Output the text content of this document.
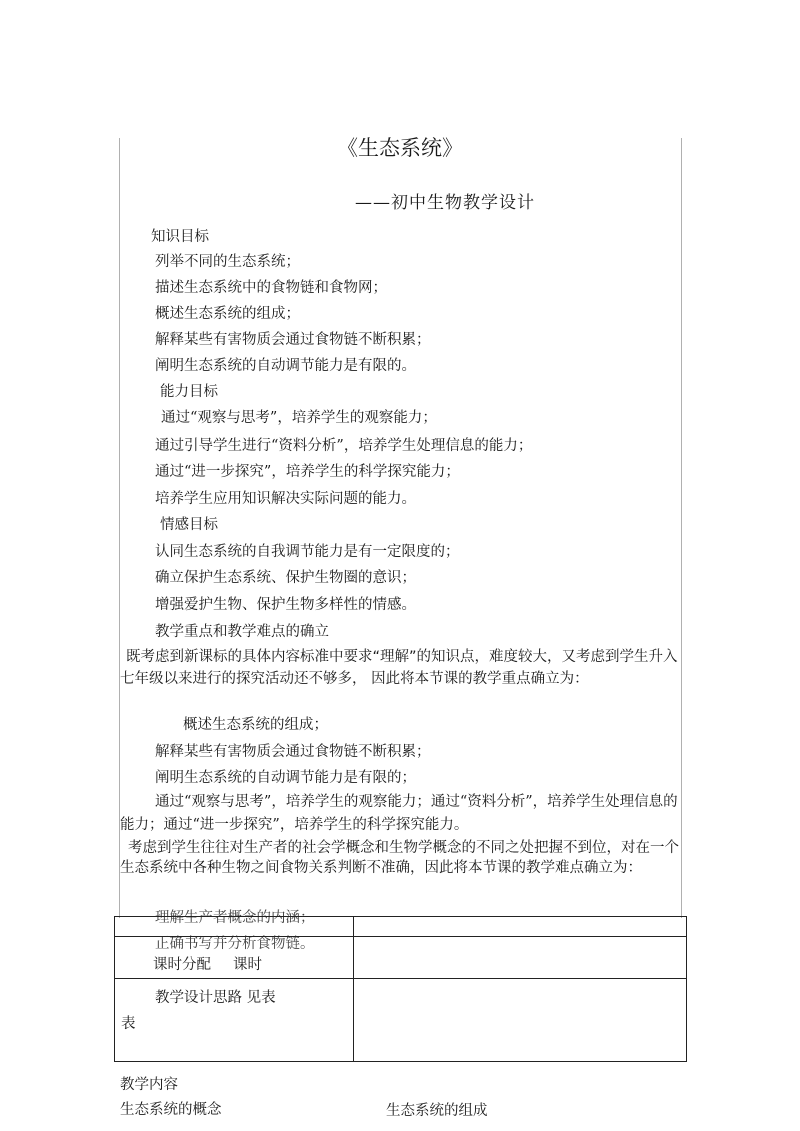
《生态系统》
——初中生物教学设计
知识目标
列举不同的生态系统；
描述生态系统中的食物链和食物网；
概述生态系统的组成；
解释某些有害物质会通过食物链不断积累；
阐明生态系统的自动调节能力是有限的。
能力目标
通过“观察与思考”，培养学生的观察能力；
通过引导学生进行“资料分析”，培养学生处理信息的能力；
通过“进一步探究”，培养学生的科学探究能力；
培养学生应用知识解决实际问题的能力。
情感目标
认同生态系统的自我调节能力是有一定限度的；
确立保护生态系统、保护生物圈的意识；
增强爱护生物、保护生物多样性的情感。
教学重点和教学难点的确立
既考虑到新课标的具体内容标准中要求“理解”的知识点，难度较大，又考虑到学生升入七年级以来进行的探究活动还不够多， 因此将本节课的教学重点确立为：
概述生态系统的组成；
解释某些有害物质会通过食物链不断积累；
阐明生态系统的自动调节能力是有限的；
通过“观察与思考”，培养学生的观察能力；通过“资料分析”，培养学生处理信息的能力；通过“进一步探究”，培养学生的科学探究能力。
考虑到学生往往对生产者的社会学概念和生物学概念的不同之处把握不到位，对在一个生态系统中各种生物之间食物关系判断不准确，因此将本节课的教学难点确立为：
理解生产者概念的内涵；
正确书写并分析食物链。

课时分配 课时	

教学设计思路 见表
表	

教学内容
生态系统的概念	生态系统的组成
